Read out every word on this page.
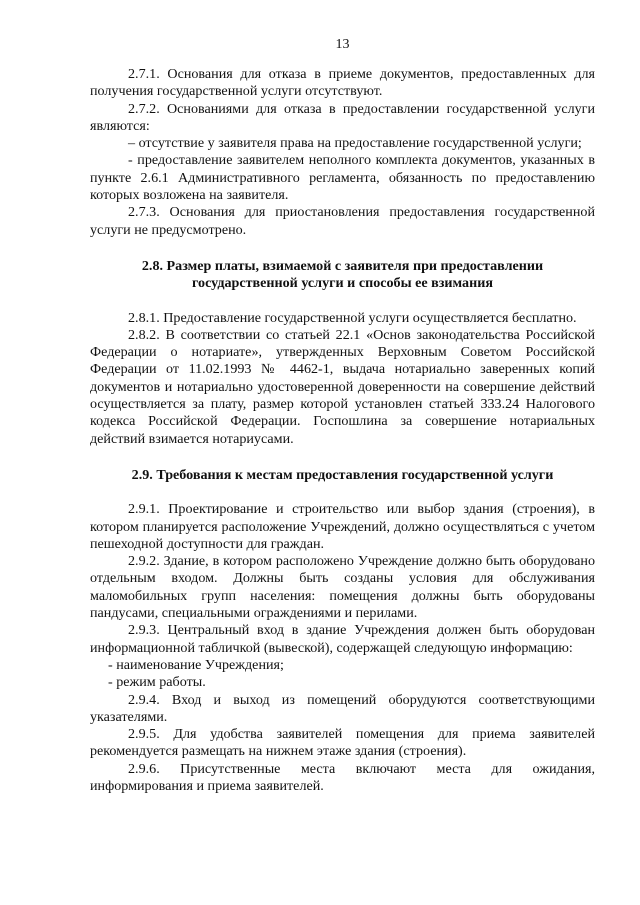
13

2.7.1. Основания для отказа в приеме документов, предоставленных для получения государственной услуги отсутствуют.

2.7.2. Основаниями для отказа в предоставлении государственной услуги являются:

– отсутствие у заявителя права на предоставление государственной услуги;

- предоставление заявителем неполного комплекта документов, указанных в пункте 2.6.1 Административного регламента, обязанность по предоставлению которых возложена на заявителя.

2.7.3. Основания для приостановления предоставления государственной услуги не предусмотрено.

2.8. Размер платы, взимаемой с заявителя при предоставлении государственной услуги и способы ее взимания

2.8.1. Предоставление государственной услуги осуществляется бесплатно.

2.8.2. В соответствии со статьей 22.1 «Основ законодательства Российской Федерации о нотариате», утвержденных Верховным Советом Российской Федерации от 11.02.1993 № 4462-1, выдача нотариально заверенных копий документов и нотариально удостоверенной доверенности на совершение действий осуществляется за плату, размер которой установлен статьей 333.24 Налогового кодекса Российской Федерации. Госпошлина за совершение нотариальных действий взимается нотариусами.

2.9. Требования к местам предоставления государственной услуги

2.9.1. Проектирование и строительство или выбор здания (строения), в котором планируется расположение Учреждений, должно осуществляться с учетом пешеходной доступности для граждан.

2.9.2. Здание, в котором расположено Учреждение должно быть оборудовано отдельным входом. Должны быть созданы условия для обслуживания маломобильных групп населения: помещения должны быть оборудованы пандусами, специальными ограждениями и перилами.

2.9.3. Центральный вход в здание Учреждения должен быть оборудован информационной табличкой (вывеской), содержащей следующую информацию:

- наименование Учреждения;

- режим работы.

2.9.4. Вход и выход из помещений оборудуются соответствующими указателями.

2.9.5. Для удобства заявителей помещения для приема заявителей рекомендуется размещать на нижнем этаже здания (строения).

2.9.6. Присутственные места включают места для ожидания, информирования и приема заявителей.
